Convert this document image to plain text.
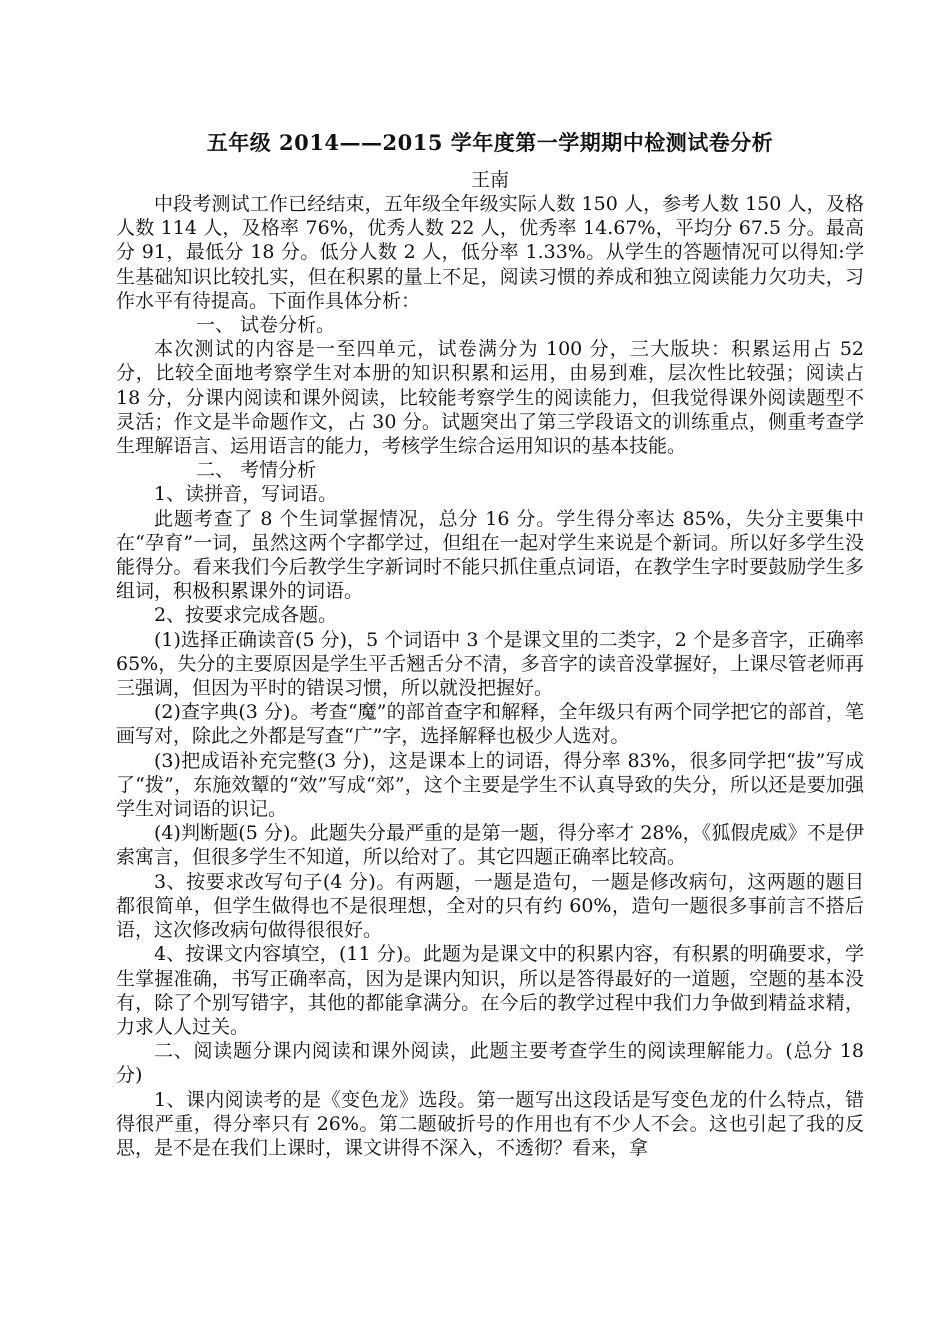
五年级 2014——2015 学年度第一学期期中检测试卷分析

王南

中段考测试工作已经结束，五年级全年级实际人数 150 人，参考人数 150 人，及格人数 114 人，及格率 76%，优秀人数 22 人，优秀率 14.67%，平均分 67.5 分。最高分 91，最低分 18 分。低分人数 2 人，低分率 1.33%。从学生的答题情况可以得知:学生基础知识比较扎实，但在积累的量上不足，阅读习惯的养成和独立阅读能力欠功夫，习作水平有待提高。下面作具体分析：

一、 试卷分析。

本次测试的内容是一至四单元，试卷满分为 100 分，三大版块：积累运用占 52 分，比较全面地考察学生对本册的知识积累和运用，由易到难，层次性比较强；阅读占 18 分，分课内阅读和课外阅读，比较能考察学生的阅读能力，但我觉得课外阅读题型不灵活；作文是半命题作文，占 30 分。试题突出了第三学段语文的训练重点，侧重考查学生理解语言、运用语言的能力，考核学生综合运用知识的基本技能。

二、 考情分析

1、读拼音，写词语。

此题考查了 8 个生词掌握情况，总分 16 分。学生得分率达 85%，失分主要集中在“孕育”一词，虽然这两个字都学过，但组在一起对学生来说是个新词。所以好多学生没能得分。看来我们今后教学生字新词时不能只抓住重点词语，在教学生字时要鼓励学生多组词，积极积累课外的词语。

2、按要求完成各题。

(1)选择正确读音(5 分)，5 个词语中 3 个是课文里的二类字，2 个是多音字，正确率 65%，失分的主要原因是学生平舌翘舌分不清，多音字的读音没掌握好，上课尽管老师再三强调，但因为平时的错误习惯，所以就没把握好。

(2)查字典(3 分)。考查“魔”的部首查字和解释，全年级只有两个同学把它的部首，笔画写对，除此之外都是写查“广”字，选择解释也极少人选对。

(3)把成语补充完整(3 分)，这是课本上的词语，得分率 83%，很多同学把“拔”写成了“拨”，东施效颦的“效”写成“郊”，这个主要是学生不认真导致的失分，所以还是要加强学生对词语的识记。

(4)判断题(5 分)。此题失分最严重的是第一题，得分率才 28%，《狐假虎威》不是伊索寓言，但很多学生不知道，所以给对了。其它四题正确率比较高。

3、按要求改写句子(4 分)。有两题，一题是造句，一题是修改病句，这两题的题目都很简单，但学生做得也不是很理想，全对的只有约 60%，造句一题很多事前言不搭后语，这次修改病句做得很很好。

4、按课文内容填空，(11 分)。此题为是课文中的积累内容，有积累的明确要求，学生掌握准确，书写正确率高，因为是课内知识，所以是答得最好的一道题，空题的基本没有，除了个别写错字，其他的都能拿满分。在今后的教学过程中我们力争做到精益求精，力求人人过关。

二、阅读题分课内阅读和课外阅读，此题主要考查学生的阅读理解能力。(总分 18 分)

1、课内阅读考的是《变色龙》选段。第一题写出这段话是写变色龙的什么特点，错得很严重，得分率只有 26%。第二题破折号的作用也有不少人不会。这也引起了我的反思，是不是在我们上课时，课文讲得不深入，不透彻？看来，拿
